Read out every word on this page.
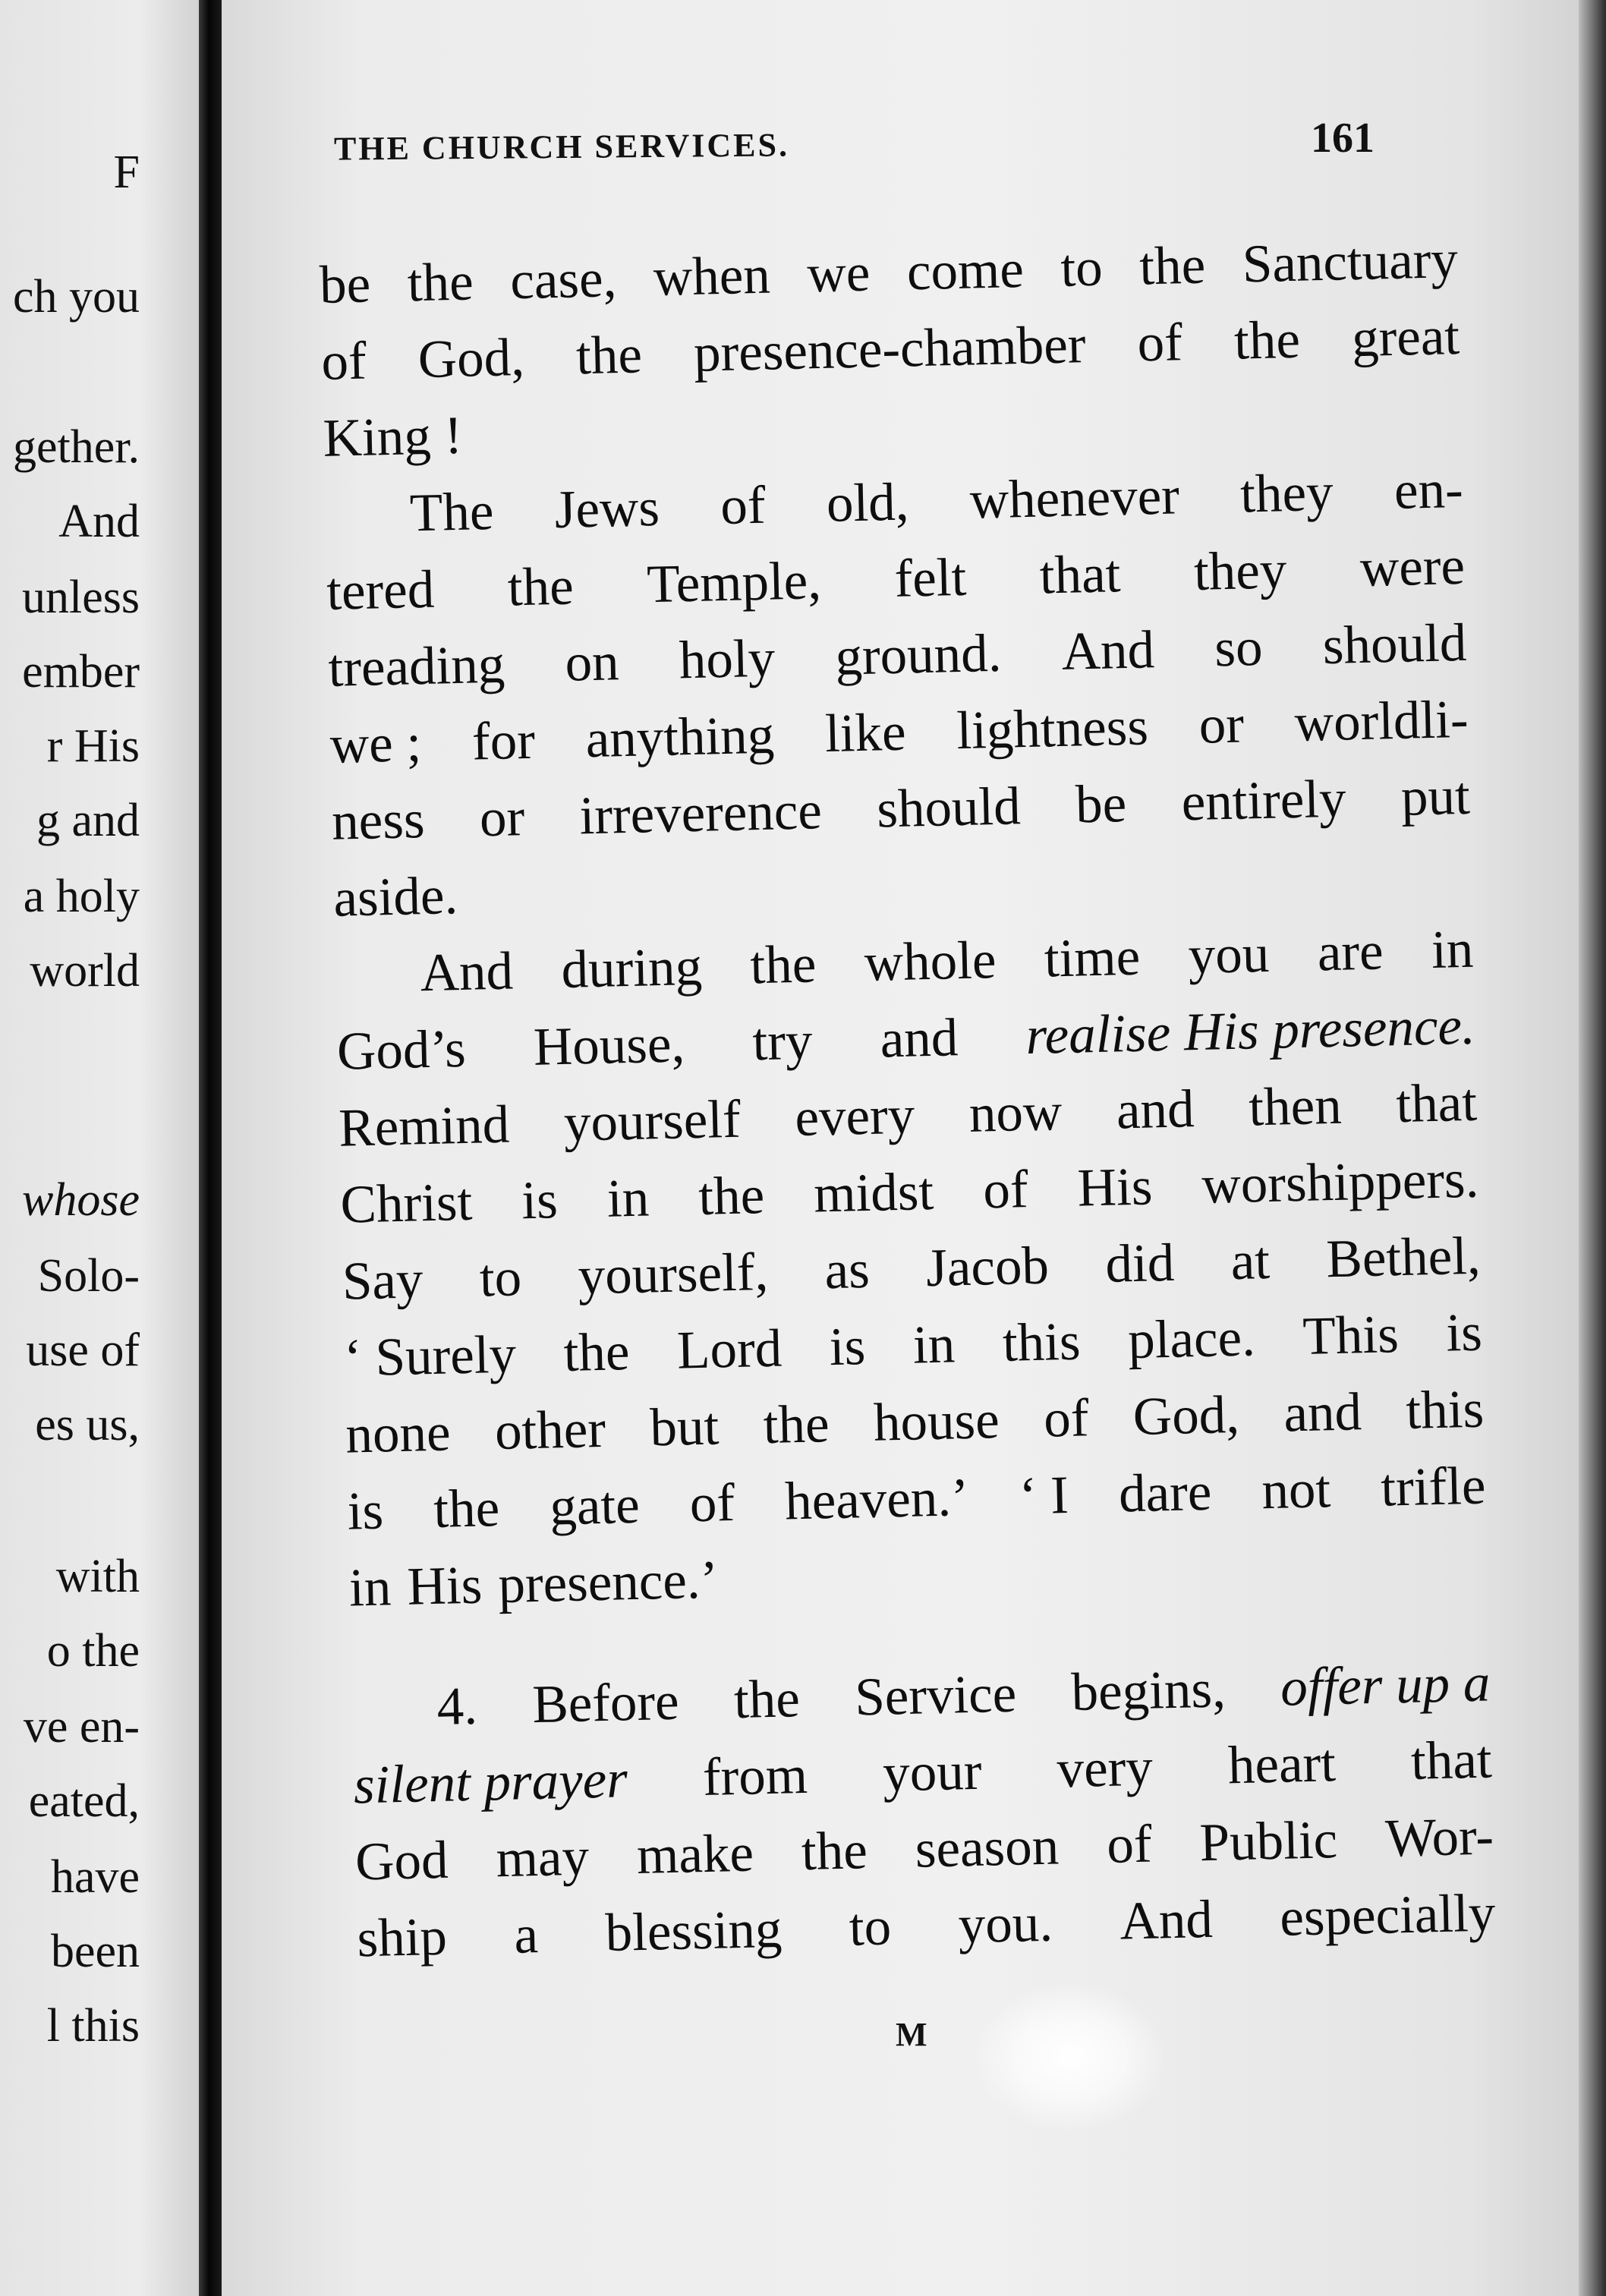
F
ch you
gether.
And
unless
ember
r His
g and
a holy
world
whose
Solo-
use of
es us,
with
o the
ve en-
eated,
have
been
l this
THE CHURCH SERVICES.	161
be the case, when we come to the Sanctuary
of God, the presence-chamber of the great
King !
The Jews of old, whenever they en-
tered the Temple, felt that they were
treading on holy ground. And so should
we ; for anything like lightness or worldli-
ness or irreverence should be entirely put
aside.
And during the whole time you are in
God’s House, try and realise His presence.
Remind yourself every now and then that
Christ is in the midst of His worshippers.
Say to yourself, as Jacob did at Bethel,
‘ Surely the Lord is in this place. This is
none other but the house of God, and this
is the gate of heaven.’ ‘ I dare not trifle
in His presence.’
4. Before the Service begins, offer up a
silent prayer from your very heart that
God may make the season of Public Wor-
ship a blessing to you. And especially
M
